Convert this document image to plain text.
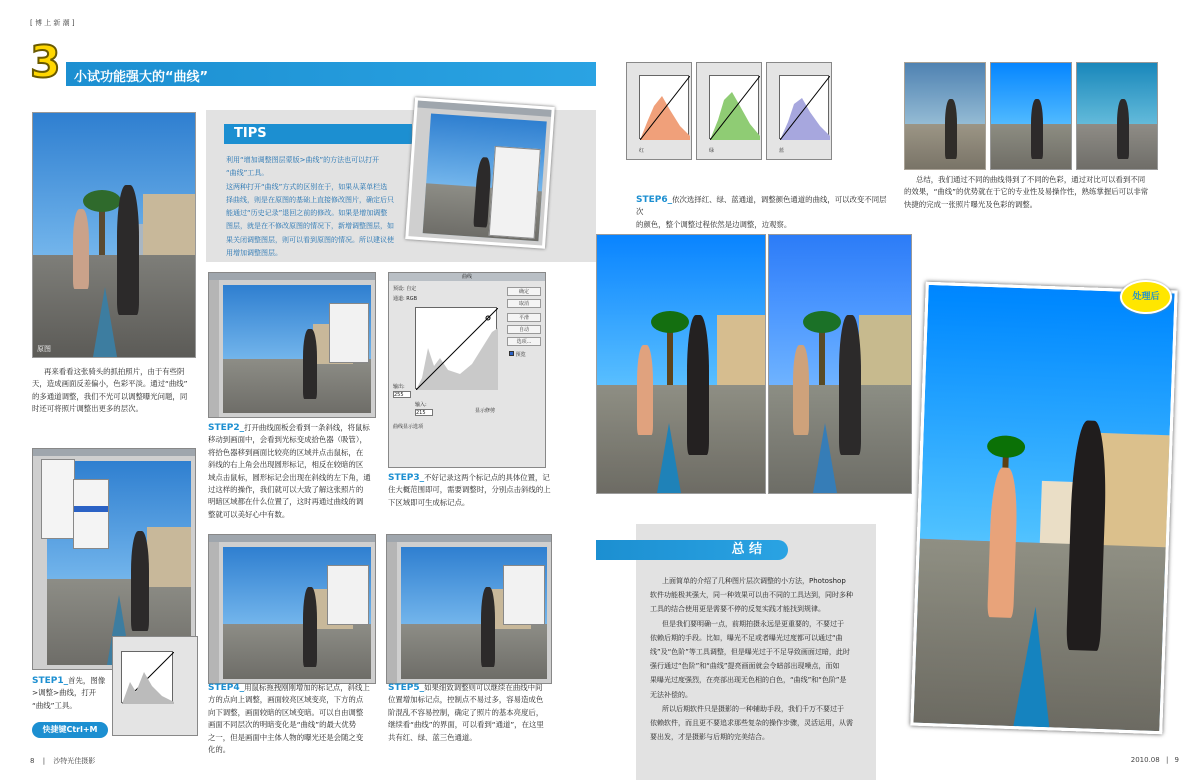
[ 博 上 新 潮 ]
3 小试功能强大的“曲线”
原图
再来看看这张骑头的抓拍照片，由于有些阴
天，造成画面反差偏小，色彩平淡。通过“曲线”
的多通道调整，我们不光可以调整曝光问题，同
时还可将照片调整出更多的层次。
STEP1_首先，图像
>调整>曲线，打开
“曲线”工具。
快捷键Ctrl+M
TIPS
利用“增加调整图层蒙版>曲线”的方法也可以打开
“曲线”工具。
这两种打开“曲线”方式的区别在于，如果从菜单栏选
择曲线，则是在原图的基础上直接修改图片，确定后只
能通过“历史记录”退回之前的修改。如果是增加调整
图层，就是在不修改原图的情况下，新增调整图层，如
果关闭调整图层，则可以看到原图的情况。所以建议使
用增加调整图层。
STEP2_打开曲线面板会看到一条斜线，将鼠标
移动到画面中，会看到光标变成拾色器（吸管），
将拾色器移到画面比较亮的区域并点击鼠标，在
斜线的右上角会出现圆形标记，相反在较暗的区
域点击鼠标，圆形标记会出现在斜线的左下角，通
过这样的操作，我们就可以大致了解这张照片的
明暗区域都在什么位置了，这时再通过曲线的调
整就可以美好心中有数。
曲线
预设: 自定
通道: RGB
确定
取消
平滑
自动
选项...
预览
输出:
255
输入:
215	显示修剪
曲线显示选项
STEP3_不好记录这两个标记点的具体位置，记
住大概范围即可，需要调整时，分别点击斜线的上
下区域即可生成标记点。
STEP4_用鼠标拖拽刚刚增加的标记点，斜线上
方的点向上调整，画面较亮区域变亮，下方的点
向下调整，画面较暗的区域变暗。可以自由调整
画面不同层次的明暗变化是“曲线”的最大优势
之一，但是画面中主体人物的曝光还是会随之变
化的。
STEP5_如果细致调整则可以继续在曲线中间
位置增加标记点，控制点不易过多，容易造成色
阶混乱不容易控制，确定了照片的基本亮度后，
继续看“曲线”的界面，可以看到“通道”，在这里
共有红、绿、蓝三色通道。
红	绿	蓝
STEP6_依次选择红、绿、蓝通道，调整颜色通道的曲线，可以改变不同层次
的颜色，整个调整过程依然是边调整，边观察。
总结，我们通过不同的曲线得到了不同的色彩，通过对比可以看到不同
的效果，“曲线”的优势就在于它的专业性及易操作性，熟练掌握后可以非常
快捷的完成一张照片曝光及色彩的调整。
处理后
总 结
上面简单的介绍了几种图片层次调整的小方法，Photoshop
软件功能极其强大，同一种效果可以由不同的工具达到，同时多种
工具的结合使用更是需要不停的反复实践才能找到规律。
但是我们要明确一点，前期拍摄永远是更重要的，不要过于
依赖后期的手段。比如，曝光不足或者曝光过度都可以通过“曲
线”及“色阶”等工具调整，但是曝光过于不足导致画面过暗，此时
强行通过“色阶”和“曲线”提亮画面就会令暗部出现噪点，而如
果曝光过度强烈，在亮部出现无色相的白色，“曲线”和“色阶”是
无法补偿的。
所以后期软件只是摄影的一种辅助手段，我们千万不要过于
依赖软件，而且更不要追求那些复杂的操作步骤，灵活运用，从需
要出发，才是摄影与后期的完美结合。
8 | 沙特光佳摄影	2010.08 | 9
